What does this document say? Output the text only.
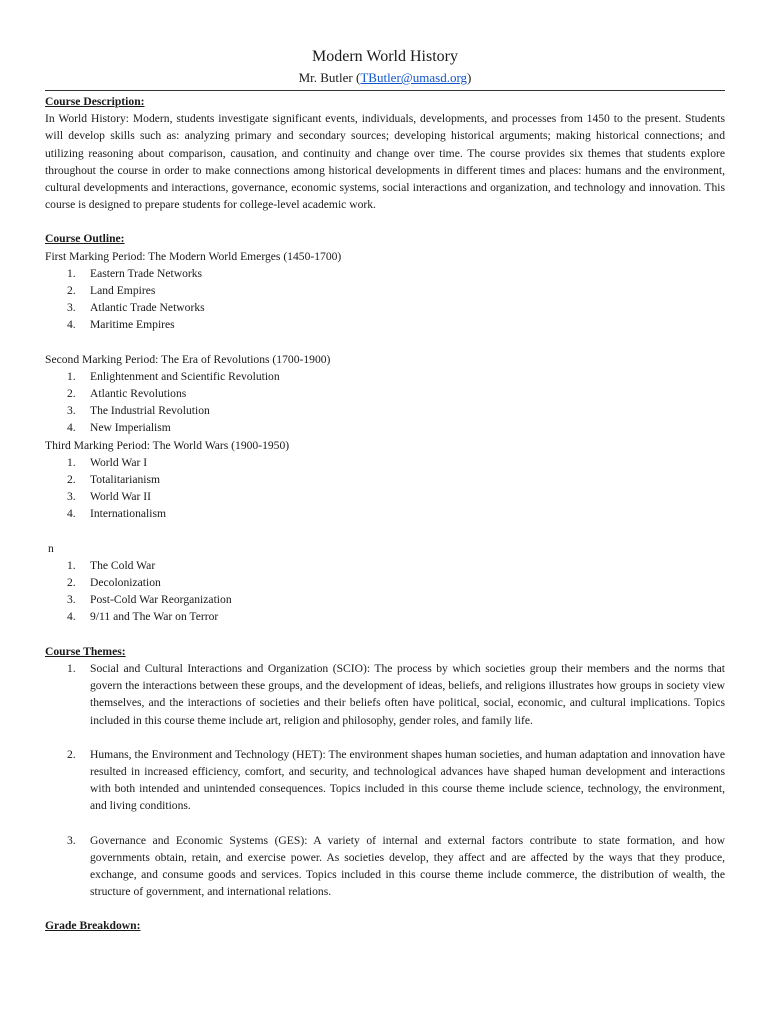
Modern World History

Mr. Butler (TButler@umasd.org)

Course Description:

In World History: Modern, students investigate significant events, individuals, developments, and processes from 1450 to the present. Students will develop skills such as: analyzing primary and secondary sources; developing historical arguments; making historical connections; and utilizing reasoning about comparison, causation, and continuity and change over time. The course provides six themes that students explore throughout the course in order to make connections among historical developments in different times and places: humans and the environment, cultural developments and interactions, governance, economic systems, social interactions and organization, and technology and innovation. This course is designed to prepare students for college-level academic work.

Course Outline:

First Marking Period: The Modern World Emerges (1450-1700)

1. Eastern Trade Networks
2. Land Empires
3. Atlantic Trade Networks
4. Maritime Empires

Second Marking Period: The Era of Revolutions (1700-1900)

1. Enlightenment and Scientific Revolution
2. Atlantic Revolutions
3. The Industrial Revolution
4. New Imperialism

Third Marking Period: The World Wars (1900-1950)

1. World War I
2. Totalitarianism
3. World War II
4. Internationalism

n

1. The Cold War
2. Decolonization
3. Post-Cold War Reorganization
4. 9/11 and The War on Terror

Course Themes:

1. Social and Cultural Interactions and Organization (SCIO): The process by which societies group their members and the norms that govern the interactions between these groups, and the development of ideas, beliefs, and religions illustrates how groups in society view themselves, and the interactions of societies and their beliefs often have political, social, economic, and cultural implications. Topics included in this course theme include art, religion and philosophy, gender roles, and family life.
2. Humans, the Environment and Technology (HET): The environment shapes human societies, and human adaptation and innovation have resulted in increased efficiency, comfort, and security, and technological advances have shaped human development and interactions with both intended and unintended consequences. Topics included in this course theme include science, technology, the environment, and living conditions.
3. Governance and Economic Systems (GES): A variety of internal and external factors contribute to state formation, and how governments obtain, retain, and exercise power. As societies develop, they affect and are affected by the ways that they produce, exchange, and consume goods and services. Topics included in this course theme include commerce, the distribution of wealth, the structure of government, and international relations.

Grade Breakdown:
